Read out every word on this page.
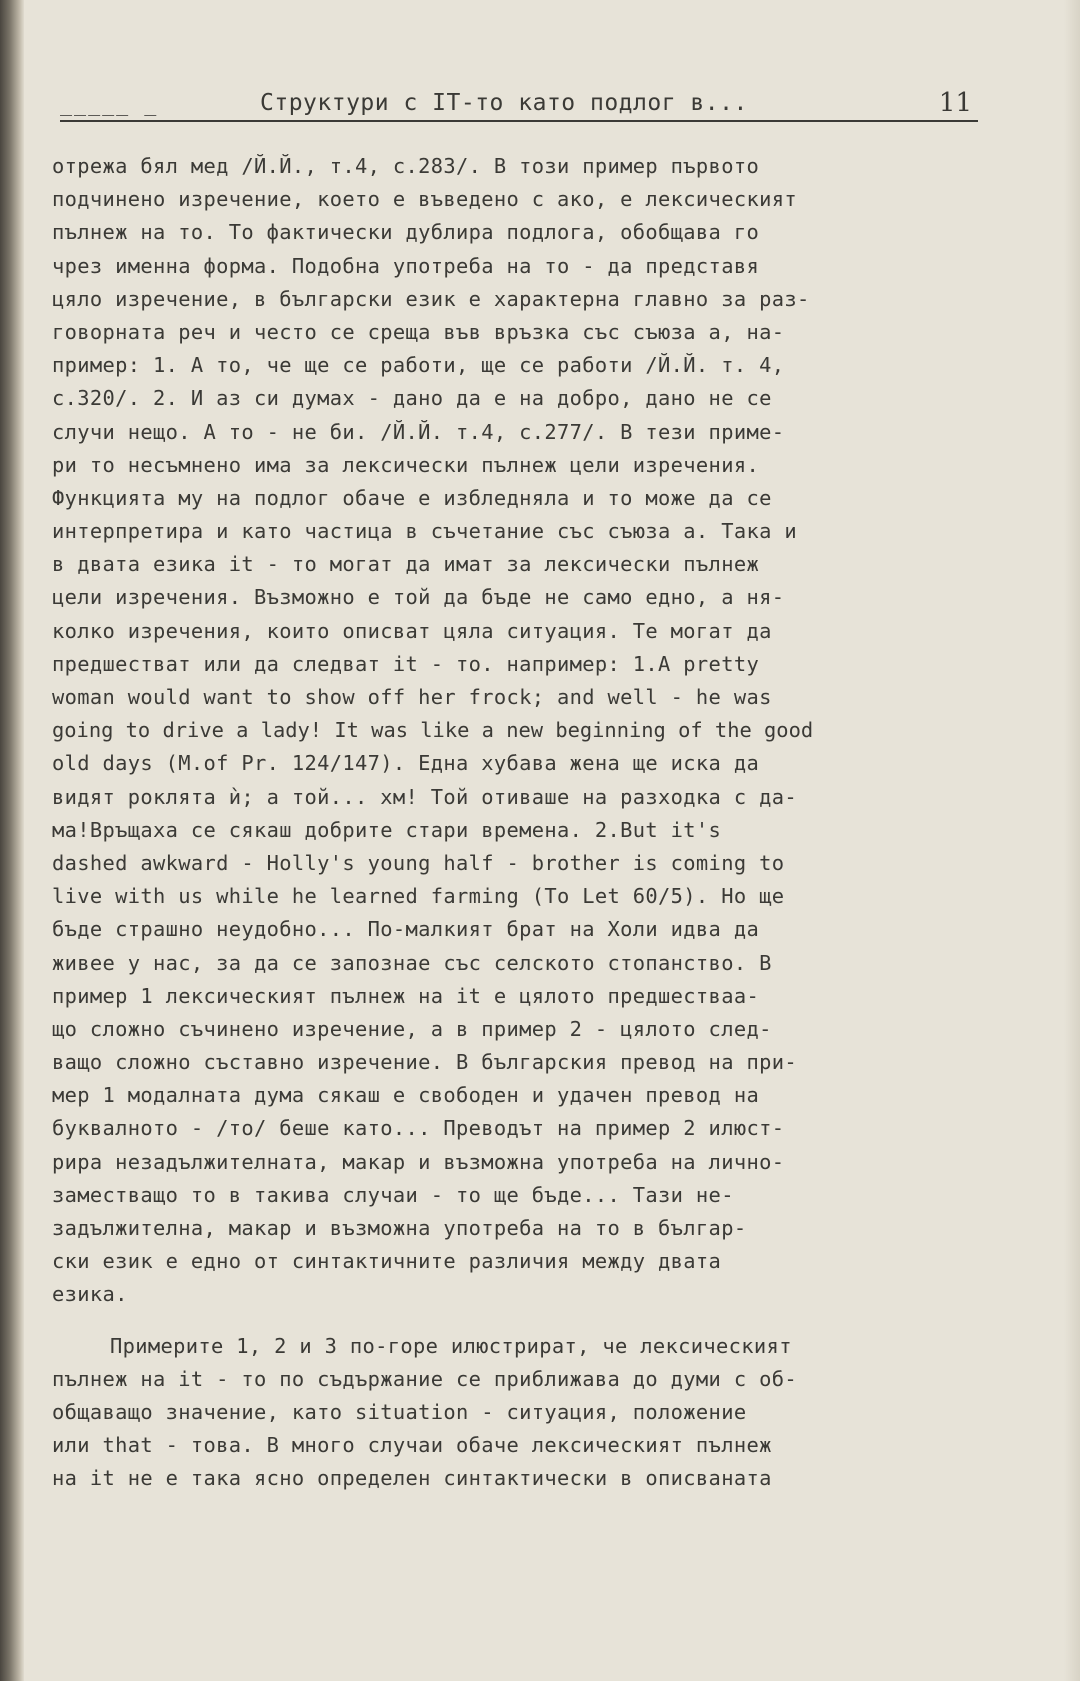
_____ _	Структури с IT-то като подлог в...	11
отрежа бял мед /Й.Й., т.4, с.283/. В този пример първото
подчинено изречение, което е въведено с ако, е лексическият
пълнеж на то. То фактически дублира подлога, обобщава го
чрез именна форма. Подобна употреба на то - да представя
цяло изречение, в български език е характерна главно за раз-
говорната реч и често се среща във връзка със съюза а, на-
пример: 1. А то, че ще се работи, ще се работи /Й.Й. т. 4,
с.320/. 2. И аз си думах - дано да е на добро, дано не се
случи нещо. А то - не би. /Й.Й. т.4, с.277/. В тези приме-
ри то несъмнено има за лексически пълнеж цели изречения.
Функцията му на подлог обаче е избледняла и то може да се
интерпретира и като частица в съчетание със съюза а. Така и
в двата езика it - то могат да имат за лексически пълнеж
цели изречения. Възможно е той да бъде не само едно, а ня-
колко изречения, които описват цяла ситуация. Те могат да
предшестват или да следват it - то. например: 1.A pretty
woman would want to show off her frock; and well - he was
going to drive a lady! It was like a new beginning of the good
old days (M.of Pr. 124/147). Една хубава жена ще иска да
видят роклята ѝ; а той... хм! Той отиваше на разходка с да-
ма!Връщаха се сякаш добрите стари времена. 2.But it's
dashed awkward - Holly's young half - brother is coming to
live with us while he learned farming (To Let 60/5). Но ще
бъде страшно неудобно... По-малкият брат на Холи идва да
живее у нас, за да се запознае със селското стопанство. В
пример 1 лексическият пълнеж на it е цялото предшестваа-
що сложно съчинено изречение, а в пример 2 - цялото след-
ващо сложно съставно изречение. В българския превод на при-
мер 1 модалната дума сякаш е свободен и удачен превод на
буквалното - /то/ беше като... Преводът на пример 2 илюст-
рира незадължителната, макар и възможна употреба на лично-
заместващо то в такива случаи - то ще бъде... Тази не-
задължителна, макар и възможна употреба на то в българ-
ски език е едно от синтактичните различия между двата
езика.
Примерите 1, 2 и 3 по-горе илюстрират, че лексическият
пълнеж на it - то по съдържание се приближава до думи с об-
общаващо значение, като situation - ситуация, положение
или that - това. В много случаи обаче лексическият пълнеж
на it не е така ясно определен синтактически в описваната
